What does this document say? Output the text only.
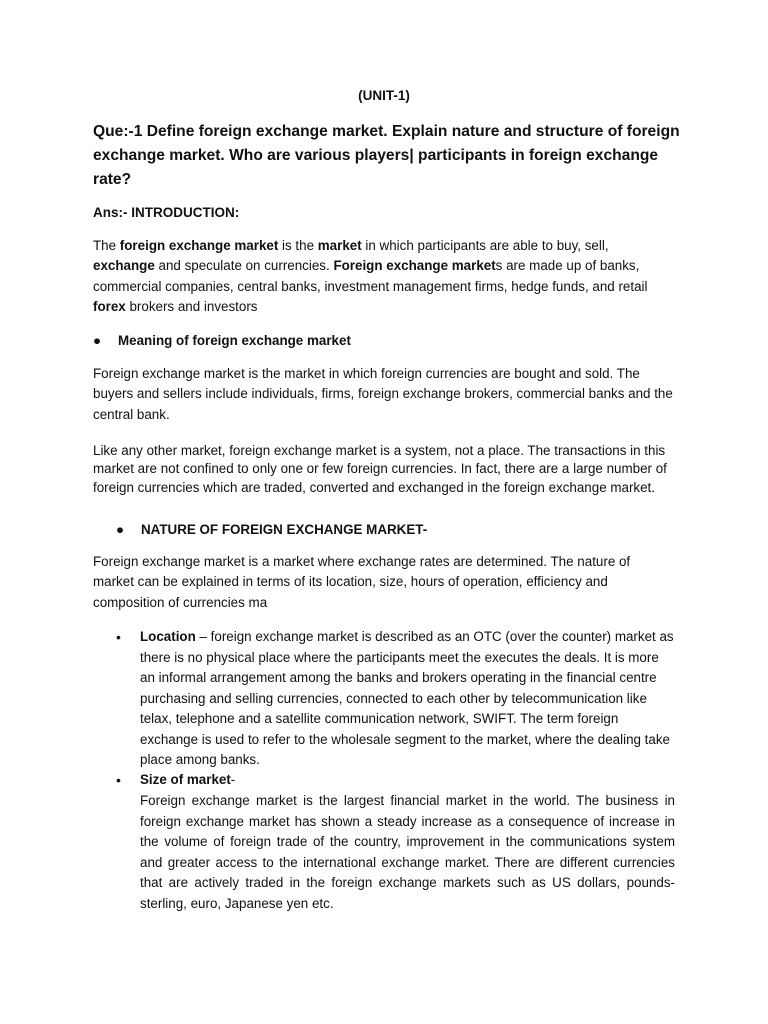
(UNIT-1)
Que:-1 Define foreign exchange market. Explain nature and structure of foreign exchange market. Who are various players| participants in foreign exchange rate?
Ans:- INTRODUCTION:
The foreign exchange market is the market in which participants are able to buy, sell, exchange and speculate on currencies. Foreign exchange markets are made up of banks, commercial companies, central banks, investment management firms, hedge funds, and retail forex brokers and investors
● Meaning of foreign exchange market
Foreign exchange market is the market in which foreign currencies are bought and sold. The buyers and sellers include individuals, firms, foreign exchange brokers, commercial banks and the central bank.
Like any other market, foreign exchange market is a system, not a place. The transactions in this market are not confined to only one or few foreign currencies. In fact, there are a large number of foreign currencies which are traded, converted and exchanged in the foreign exchange market.
● NATURE OF FOREIGN EXCHANGE MARKET-
Foreign exchange market is a market where exchange rates are determined. The nature of market can be explained in terms of its location, size, hours of operation, efficiency and composition of currencies ma
• Location – foreign exchange market is described as an OTC (over the counter) market as there is no physical place where the participants meet the executes the deals. It is more an informal arrangement among the banks and brokers operating in the financial centre purchasing and selling currencies, connected to each other by telecommunication like telax, telephone and a satellite communication network, SWIFT. The term foreign exchange is used to refer to the wholesale segment to the market, where the dealing take place among banks.
• Size of market-
Foreign exchange market is the largest financial market in the world. The business in foreign exchange market has shown a steady increase as a consequence of increase in the volume of foreign trade of the country, improvement in the communications system and greater access to the international exchange market. There are different currencies that are actively traded in the foreign exchange markets such as US dollars, pounds-sterling, euro, Japanese yen etc.
